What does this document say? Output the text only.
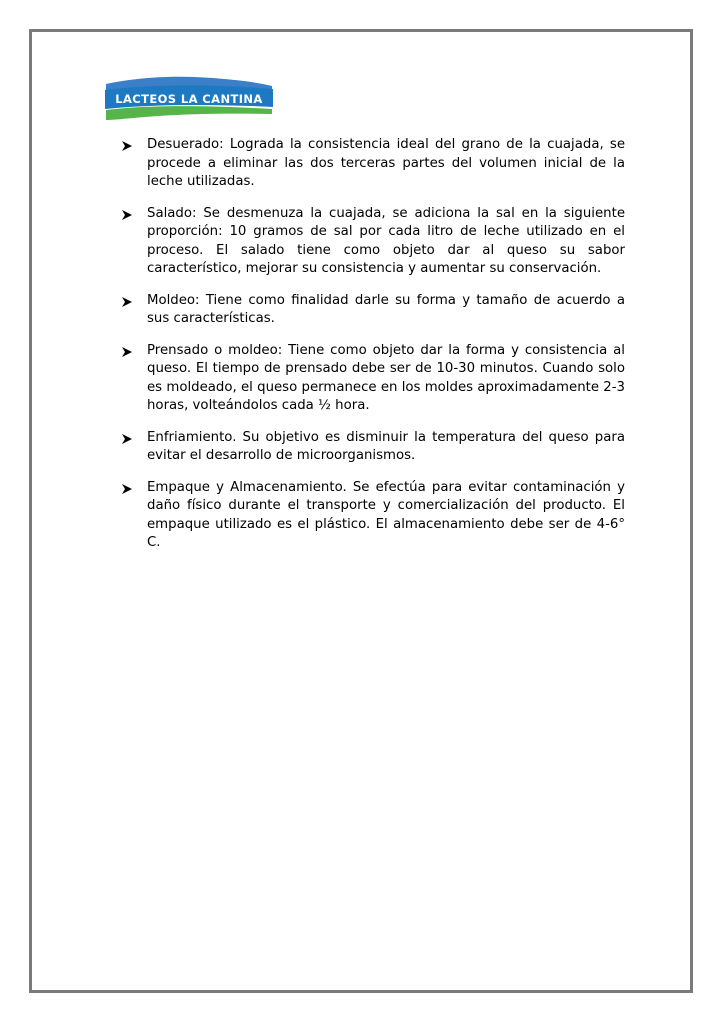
LACTEOS LA CANTINA
Desuerado: Lograda la consistencia ideal del grano de la cuajada, se procede a eliminar las dos terceras partes del volumen inicial de la leche utilizadas.
Salado: Se desmenuza la cuajada, se adiciona la sal en la siguiente proporción: 10 gramos de sal por cada litro de leche utilizado en el proceso. El salado tiene como objeto dar al queso su sabor característico, mejorar su consistencia y aumentar su conservación.
Moldeo: Tiene como finalidad darle su forma y tamaño de acuerdo a sus características.
Prensado o moldeo: Tiene como objeto dar la forma y consistencia al queso. El tiempo de prensado debe ser de 10-30 minutos. Cuando solo es moldeado, el queso permanece en los moldes aproximadamente 2-3 horas, volteándolos cada ½ hora.
Enfriamiento. Su objetivo es disminuir la temperatura del queso para evitar el desarrollo de microorganismos.
Empaque y Almacenamiento. Se efectúa para evitar contaminación y daño físico durante el transporte y comercialización del producto. El empaque utilizado es el plástico. El almacenamiento debe ser de 4-6° C.
